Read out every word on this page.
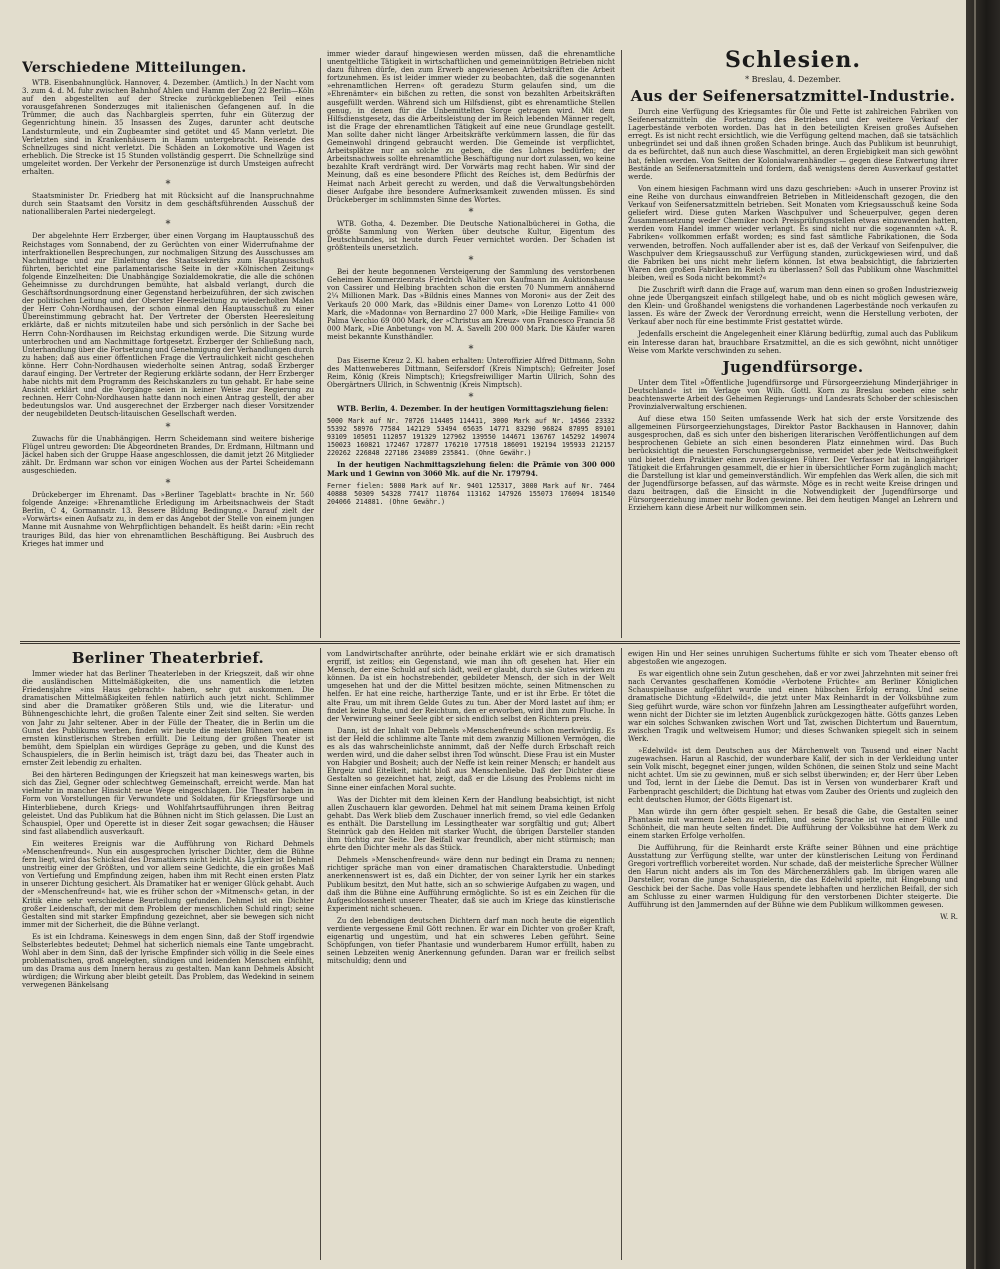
Verschiedene Mitteilungen.

WTB. Eisenbahnunglück. Hannover, 4. Dezember. (Amtlich.) In der Nacht vom 3. zum 4. d. M. fuhr zwischen Bahnhof Ahlen und Hamm der Zug 22 Berlin—Köln auf den abgestellten auf der Strecke zurückgebliebenen Teil eines vorausgefahrenen Sonderzuges mit italienischen Gefangenen auf. In die Trümmer, die auch das Nachbargleis sperrten, fuhr ein Güterzug der Gegenrichtung hinein. 35 Insassen des Zuges, darunter acht deutsche Landsturmleute, und ein Zugbeamter sind getötet und 45 Mann verletzt. Die Verletzten sind in Krankenhäusern in Hamm untergebracht. Reisende des Schnellzuges sind nicht verletzt. Die Schäden an Lokomotive und Wagen ist erheblich. Die Strecke ist 15 Stunden vollständig gesperrt. Die Schnellzüge sind umgeleitet worden. Der Verkehr der Personenzüge ist durch Umsteigen aufrecht erhalten.

*

Staatsminister Dr. Friedberg hat mit Rücksicht auf die Inanspruchnahme durch sein Staatsamt den Vorsitz in dem geschäftsführenden Ausschuß der nationalliberalen Partei niedergelegt.

*

Der abgelehnte Herr Erzberger, über einen Vorgang im Hauptausschuß des Reichstages vom Sonnabend, der zu Gerüchten von einer Widerrufnahme der interfraktionellen Besprechungen, zur nochmaligen Sitzung des Ausschusses am Nachmittage und zur Einleitung des Staatssekretärs zum Hauptausschuß führten, berichtet eine parlamentarische Seite in der »Kölnischen Zeitung« folgende Einzelheiten: Die Unabhängige Sozialdemokratie, die alle die schönen Geheimnisse zu durchdrungen bemühte, hat alsbald verlangt, durch die Geschäftsordnungsordnung einer Gegenstand herbeizuführen, der sich zwischen der politischen Leitung und der Oberster Heeresleitung zu wiederholten Malen der Herr Cohn-Nordhausen, der schon einmal den Hauptausschuß zu einer Übereinstimmung gebracht hat. Der Vertreter der Obersten Heeresleitung erklärte, daß er nichts mitzuteilen habe und sich persönlich in der Sache bei Herrn Cohn-Nordhausen im Reichstag erkundigen werde. Die Sitzung wurde unterbrochen und am Nachmittage fortgesetzt. Erzberger der Schließung nach, Unterhandlung über die Fortsetzung und Genehmigung der Verhandlungen durch zu haben; daß aus einer öffentlichen Frage die Vertraulichkeit nicht geschehen könne. Herr Cohn-Nordhausen wiederholte seinen Antrag, sodaß Erzberger darauf einging. Der Vertreter der Regierung erklärte sodann, der Herr Erzberger habe nichts mit dem Programm des Reichskanzlers zu tun gehabt. Er habe seine Ansicht erklärt und die Vorgänge seien in keiner Weise zur Regierung zu rechnen. Herr Cohn-Nordhausen hatte dann noch einen Antrag gestellt, der aber bedeutungslos war. Und ausgerechnet der Erzberger nach dieser Vorsitzender der neugebildeten Deutsch-litauischen Gesellschaft werden.

*

Zuwachs für die Unabhängigen. Herrn Scheidemann sind weitere bisherige Flügel untreu geworden: Die Abgeordneten Brandes, Dr. Erdmann, Hiltmann und Jäckel haben sich der Gruppe Haase angeschlossen, die damit jetzt 26 Mitglieder zählt. Dr. Erdmann war schon vor einigen Wochen aus der Partei Scheidemann ausgeschieden.

*

Drückeberger im Ehrenamt. Das »Berliner Tageblatt« brachte in Nr. 560 folgende Anzeige: »Ehrenamtliche Erledigung im Arbeitsnachweis der Stadt Berlin, C 4, Gormannstr. 13. Bessere Bildung Bedingung.« Darauf zielt der »Vorwärts« einen Aufsatz zu, in dem er das Angebot der Stelle von einem jungen Manne mit Ausnahme von Wehrpflichtigen behandelt. Es heißt darin: »Ein recht trauriges Bild, das hier von ehrenamtlichen Beschäftigung. Bei Ausbruch des Krieges hat immer und

immer wieder darauf hingewiesen werden müssen, daß die ehrenamtliche unentgeltliche Tätigkeit in wirtschaftlichen und gemeinnützigen Betrieben nicht dazu führen dürfe, den zum Erwerb angewiesenen Arbeitskräften die Arbeit fortzunehmen. Es ist leider immer wieder zu beobachten, daß die sogenannten »ehrenamtlichen Herren« oft geradezu Sturm gelaufen sind, um die »Ehrenämter« ein bißchen zu retten, die sonst von bezahlten Arbeitskräften ausgefüllt werden. Während sich um Hilfsdienst, gibt es ehrenamtliche Stellen genug, in denen für die Unbemittelten Sorge getragen wird. Mit dem Hilfsdienstgesetz, das die Arbeitsleistung der im Reich lebenden Männer regelt, ist die Frage der ehrenamtlichen Tätigkeit auf eine neue Grundlage gestellt. Man sollte daher nicht länger Arbeitskräfte verkümmern lassen, die für das Gemeinwohl dringend gebraucht werden. Die Gemeinde ist verpflichtet, Arbeitsplätze nur an solche zu geben, die des Lohnes bedürfen; der Arbeitsnachweis sollte ehrenamtliche Beschäftigung nur dort zulassen, wo keine bezahlte Kraft verdrängt wird. Der Vorwärts mag recht haben. Wir sind der Meinung, daß es eine besondere Pflicht des Reiches ist, dem Bedürfnis der Heimat nach Arbeit gerecht zu werden, und daß die Verwaltungsbehörden dieser Aufgabe ihre besondere Aufmerksamkeit zuwenden müssen. Es sind Drückeberger im schlimmsten Sinne des Wortes.

*

WTB. Gotha, 4. Dezember. Die Deutsche Nationalbücherei in Gotha, die größte Sammlung von Werken über deutsche Kultur, Eigentum des Deutschbundes, ist heute durch Feuer vernichtet worden. Der Schaden ist größtenteils unersetzlich.

*

Bei der heute begonnenen Versteigerung der Sammlung des verstorbenen Geheimen Kommerzienrats Friedrich Walter von Kaufmann im Auktionshause von Cassirer und Helbing brachten schon die ersten 70 Nummern annähernd 2¼ Millionen Mark. Das »Bildnis eines Mannes von Moroni« aus der Zeit des Verkaufs 20 000 Mark, das »Bildnis einer Dame« von Lorenzo Lotto 41 000 Mark, die »Madonna« von Bernardino 27 000 Mark, »Die Heilige Familie« von Palma Vecchio 69 000 Mark, der »Christus am Kreuz« von Francesco Francia 58 000 Mark, »Die Anbetung« von M. A. Savelli 200 000 Mark. Die Käufer waren meist bekannte Kunsthändler.

*

Das Eiserne Kreuz 2. Kl. haben erhalten: Unteroffizier Alfred Dittmann, Sohn des Mattenweberes Dittmann, Seifersdorf (Kreis Nimptsch); Gefreiter Josef Reim, König (Kreis Nimptsch); Kriegsfreiwilliger Martin Ullrich, Sohn des Obergärtners Ullrich, in Schwentnig (Kreis Nimptsch).

*

WTB. Berlin, 4. Dezember. In der heutigen Vormittagsziehung fielen:

5000 Mark auf Nr. 70726 114405 114411, 3000 Mark auf Nr. 14566 23332 55392 58976 77584 142129 53494 65635 14771 83290 96824 87095 89101 93109 105051 112057 191329 127962 139550 144671 136767 145292 149074 150023 160821 172467 172877 176210 177518 186091 192194 195933 212157 220262 226848 227186 234089 235841. (Ohne Gewähr.)

In der heutigen Nachmittagsziehung fielen: die Prämie von 300 000 Mark und 1 Gewinn von 3060 Mk. auf die Nr. 179794.

Ferner fielen: 5000 Mark auf Nr. 9401 125317, 3000 Mark auf Nr. 7464 40888 50309 54328 77417 110764 113162 147926 155073 176094 181540 204066 214881. (Ohne Gewähr.)

Schlesien.
* Breslau, 4. Dezember.
Aus der Seifenersatzmittel-Industrie.

Durch eine Verfügung des Kriegsamtes für Öle und Fette ist zahlreichen Fabriken von Seifenersatzmitteln die Fortsetzung des Betriebes und der weitere Verkauf der Lagerbestände verboten worden. Das hat in den beteiligten Kreisen großes Aufsehen erregt. Es ist nicht recht ersichtlich, wie die Verfügung geltend machen, daß sie tatsächlich unbegründet sei und daß ihnen großen Schaden bringe. Auch das Publikum ist beunruhigt, da es befürchtet, daß nun auch diese Waschmittel, an deren Ergiebigkeit man sich gewöhnt hat, fehlen werden. Von Seiten der Kolonialwarenhändler — gegen diese Entwertung ihrer Bestände an Seifenersatzmitteln und fordern, daß wenigstens deren Ausverkauf gestattet werde.

Von einem hiesigen Fachmann wird uns dazu geschrieben: »Auch in unserer Provinz ist eine Reihe von durchaus einwandfreien Betrieben in Mitleidenschaft gezogen, die den Verkauf von Seifenersatzmitteln betrieben. Seit Monaten vom Kriegsausschuß keine Soda geliefert wird. Diese guten Marken Waschpulver und Scheuerpulver, gegen deren Zusammensetzung weder Chemiker noch Preisprüfungsstellen etwas einzuwenden hatten, werden vom Handel immer wieder verlangt. Es sind nicht nur die sogenannten »A. R. Fabriken« vollkommen erfaßt worden; es sind fast sämtliche Fabrikationen, die Soda verwenden, betroffen. Noch auffallender aber ist es, daß der Verkauf von Seifenpulver, die Waschpulver dem Kriegsausschuß zur Verfügung standen, zurückgewiesen wird, und daß die Fabriken bei uns nicht mehr liefern können. Ist etwa beabsichtigt, die fabrizierten Waren den großen Fabriken im Reich zu überlassen? Soll das Publikum ohne Waschmittel bleiben, weil es Soda nicht bekommt?«

Die Zuschrift wirft dann die Frage auf, warum man denn einen so großen Industriezweig ohne jede Übergangszeit einfach stillgelegt habe, und ob es nicht möglich gewesen wäre, den Klein- und Großhandel wenigstens die vorhandenen Lagerbestände noch verkaufen zu lassen. Es wäre der Zweck der Verordnung erreicht, wenn die Herstellung verboten, der Verkauf aber noch für eine bestimmte Frist gestattet würde.

Jedenfalls erscheint die Angelegenheit einer Klärung bedürftig, zumal auch das Publikum ein Interesse daran hat, brauchbare Ersatzmittel, an die es sich gewöhnt, nicht unnötiger Weise vom Markte verschwinden zu sehen.

Jugendfürsorge.

Unter dem Titel »Öffentliche Jugendfürsorge und Fürsorgeerziehung Minderjähriger in Deutschland« ist im Verlage von Wilh. Gottl. Korn zu Breslau soeben eine sehr beachtenswerte Arbeit des Geheimen Regierungs- und Landesrats Schober der schlesischen Provinzialverwaltung erschienen.

Auf diese etwa 150 Seiten umfassende Werk hat sich der erste Vorsitzende des allgemeinen Fürsorgeerziehungstages, Direktor Pastor Backhausen in Hannover, dahin ausgesprochen, daß es sich unter den bisherigen literarischen Veröffentlichungen auf dem besprochenen Gebiete an sich einen besonderen Platz einnehmen wird. Das Buch berücksichtigt die neuesten Forschungsergebnisse, vermeidet aber jede Weitschweifigkeit und bietet dem Praktiker einen zuverlässigen Führer. Der Verfasser hat in langjähriger Tätigkeit die Erfahrungen gesammelt, die er hier in übersichtlicher Form zugänglich macht; die Darstellung ist klar und gemeinverständlich. Wir empfehlen das Werk allen, die sich mit der Jugendfürsorge befassen, auf das wärmste. Möge es in recht weite Kreise dringen und dazu beitragen, daß die Einsicht in die Notwendigkeit der Jugendfürsorge und Fürsorgeerziehung immer mehr Boden gewinne. Bei dem heutigen Mangel an Lehrern und Erziehern kann diese Arbeit nur willkommen sein.

Berliner Theaterbrief.

Immer wieder hat das Berliner Theaterleben in der Kriegszeit, daß wir ohne die ausländischen Mittelmäßigkeiten, die uns namentlich die letzten Friedensjahre »ins Haus gebracht« haben, sehr gut auskommen. Die dramatischen Mittelmäßigkeiten fehlen natürlich auch jetzt nicht. Schlimmer sind aber die Dramatiker größeren Stils und, wie die Literatur- und Bühnengeschichte lehrt, die großen Talente einer Zeit sind selten. Sie werden von Jahr zu Jahr seltener. Aber in der Fülle der Theater, die in Berlin um die Gunst des Publikums werben, finden wir heute die meisten Bühnen von einem ernsten künstlerischen Streben erfüllt. Die Leitung der großen Theater ist bemüht, dem Spielplan ein würdiges Gepräge zu geben, und die Kunst des Schauspielers, die in Berlin heimisch ist, trägt dazu bei, das Theater auch in ernster Zeit lebendig zu erhalten.

Bei den härteren Bedingungen der Kriegszeit hat man keineswegs warten, bis sich das Ziel, Gegner oder schlechtweg Gemeinschaft, erreicht werde. Man hat vielmehr in mancher Hinsicht neue Wege eingeschlagen. Die Theater haben in Form von Vorstellungen für Verwundete und Soldaten, für Kriegsfürsorge und Hinterbliebene, durch Kriegs- und Wohlfahrtsaufführungen ihren Beitrag geleistet. Und das Publikum hat die Bühnen nicht im Stich gelassen. Die Lust an Schauspiel, Oper und Operette ist in dieser Zeit sogar gewachsen; die Häuser sind fast allabendlich ausverkauft.

Ein weiteres Ereignis war die Aufführung von Richard Dehmels »Menschenfreund«. Nun ein ausgesprochen lyrischer Dichter, dem die Bühne fern liegt, wird das Schicksal des Dramatikers nicht leicht. Als Lyriker ist Dehmel unstreitig einer der Größten, und vor allem seine Gedichte, die ein großes Maß von Vertiefung und Empfindung zeigen, haben ihm mit Recht einen ersten Platz in unserer Dichtung gesichert. Als Dramatiker hat er weniger Glück gehabt. Auch der »Menschenfreund« hat, wie es früher schon der »Mitmensch« getan, in der Kritik eine sehr verschiedene Beurteilung gefunden. Dehmel ist ein Dichter großer Leidenschaft, der mit dem Problem der menschlichen Schuld ringt; seine Gestalten sind mit starker Empfindung gezeichnet, aber sie bewegen sich nicht immer mit der Sicherheit, die die Bühne verlangt.

Es ist ein Ichdrama. Keineswegs in dem engen Sinn, daß der Stoff irgendwie Selbsterlebtes bedeutet; Dehmel hat sicherlich niemals eine Tante umgebracht. Wohl aber in dem Sinn, daß der lyrische Empfinder sich völlig in die Seele eines problematischen, groß angelegten, sündigen und leidenden Menschen einfühlt, um das Drama aus dem Innern heraus zu gestalten. Man kann Dehmels Absicht würdigen; die Wirkung aber bleibt geteilt. Das Problem, das Wedekind in seinem verwegenen Bänkelsang

vom Landwirtschafter anrührte, oder beinahe erklärt wie er sich dramatisch ergriff, ist zeitlos; ein Gegenstand, wie man ihn oft gesehen hat. Hier ein Mensch, der eine Schuld auf sich lädt, weil er glaubt, durch sie Gutes wirken zu können. Da ist ein hochstrebender, gebildeter Mensch, der sich in der Welt umgesehen hat und der die Mittel besitzen möchte, seinen Mitmenschen zu helfen. Er hat eine reiche, hartherzige Tante, und er ist ihr Erbe. Er tötet die alte Frau, um mit ihrem Gelde Gutes zu tun. Aber der Mord lastet auf ihm; er findet keine Ruhe, und der Reichtum, den er erworben, wird ihm zum Fluche. In der Verwirrung seiner Seele gibt er sich endlich selbst den Richtern preis.

Dann, ist der Inhalt von Dehmels »Menschenfreund« schon merkwürdig. Es ist der Held die schlimme alte Tante mit dem zwanzig Millionen Vermögen, die es als das wahrscheinlichste annimmt, daß der Neffe durch Erbschaft reich werden wird, und die daher selbst ihren Tod wünscht. Diese Frau ist ein Muster von Habgier und Bosheit; auch der Neffe ist kein reiner Mensch; er handelt aus Ehrgeiz und Eitelkeit, nicht bloß aus Menschenliebe. Daß der Dichter diese Gestalten so gezeichnet hat, zeigt, daß er die Lösung des Problems nicht im Sinne einer einfachen Moral suchte.

Was der Dichter mit dem kleinen Kern der Handlung beabsichtigt, ist nicht allen Zuschauern klar geworden. Dehmel hat mit seinem Drama keinen Erfolg gehabt. Das Werk blieb dem Zuschauer innerlich fremd, so viel edle Gedanken es enthält. Die Darstellung im Lessingtheater war sorgfältig und gut; Albert Steinrück gab den Helden mit starker Wucht, die übrigen Darsteller standen ihm tüchtig zur Seite. Der Beifall war freundlich, aber nicht stürmisch; man ehrte den Dichter mehr als das Stück.

Dehmels »Menschenfreund« wäre denn nur bedingt ein Drama zu nennen; richtiger spräche man von einer dramatischen Charakterstudie. Unbedingt anerkennenswert ist es, daß ein Dichter, der von seiner Lyrik her ein starkes Publikum besitzt, den Mut hatte, sich an so schwierige Aufgaben zu wagen, und daß ihm die Bühne eine Aufführung ermöglichte. So ist es ein Zeichen für die Aufgeschlossenheit unserer Theater, daß sie auch im Kriege das künstlerische Experiment nicht scheuen.

Zu den lebendigen deutschen Dichtern darf man noch heute die eigentlich verdiente vergessene Emil Gött rechnen. Er war ein Dichter von großer Kraft, eigenartig und ungestüm, und hat ein schweres Leben geführt. Seine Schöpfungen, von tiefer Phantasie und wunderbarem Humor erfüllt, haben zu seinen Lebzeiten wenig Anerkennung gefunden. Daran war er freilich selbst mitschuldig; denn und

ewigen Hin und Her seines unruhigen Suchertums fühlte er sich vom Theater ebenso oft abgestoßen wie angezogen.

Es war eigentlich ohne sein Zutun geschehen, daß er vor zwei Jahrzehnten mit seiner frei nach Cervantes geschaffenen Komödie »Verbotene Früchte« am Berliner Königlichen Schauspielhause aufgeführt wurde und einen hübschen Erfolg errang. Und seine dramatische Dichtung »Edelwild«, die jetzt unter Max Reinhardt in der Volksbühne zum Sieg geführt wurde, wäre schon vor fünfzehn Jahren am Lessingtheater aufgeführt worden, wenn nicht der Dichter sie im letzten Augenblick zurückgezogen hätte. Götts ganzes Leben war ein solches Schwanken zwischen Wort und Tat, zwischen Dichtertum und Bauerntum, zwischen Tragik und weltweisem Humor; und dieses Schwanken spiegelt sich in seinem Werk.

»Edelwild« ist dem Deutschen aus der Märchenwelt von Tausend und einer Nacht zugewachsen. Harun al Raschid, der wunderbare Kalif, der sich in der Verkleidung unter sein Volk mischt, begegnet einer jungen, wilden Schönen, die seinen Stolz und seine Macht nicht achtet. Um sie zu gewinnen, muß er sich selbst überwinden; er, der Herr über Leben und Tod, lernt in der Liebe die Demut. Das ist in Versen von wunderbarer Kraft und Farbenpracht geschildert; die Dichtung hat etwas vom Zauber des Orients und zugleich den echt deutschen Humor, der Götts Eigenart ist.

Man würde ihn gern öfter gespielt sehen. Er besaß die Gabe, die Gestalten seiner Phantasie mit warmem Leben zu erfüllen, und seine Sprache ist von einer Fülle und Schönheit, die man heute selten findet. Die Aufführung der Volksbühne hat dem Werk zu einem starken Erfolge verholfen.

Die Aufführung, für die Reinhardt erste Kräfte seiner Bühnen und eine prächtige Ausstattung zur Verfügung stellte, war unter der künstlerischen Leitung von Ferdinand Gregori vortrefflich vorbereitet worden. Nur schade, daß der meisterliche Sprecher Wüllner den Harun nicht anders als im Ton des Märchenerzählers gab. Im übrigen waren alle Darsteller, voran die junge Schauspielerin, die das Edelwild spielte, mit Hingebung und Geschick bei der Sache. Das volle Haus spendete lebhaften und herzlichen Beifall, der sich am Schlusse zu einer warmen Huldigung für den verstorbenen Dichter steigerte. Die Aufführung ist den Jammernden auf der Bühne wie dem Publikum willkommen gewesen.

W. R.
